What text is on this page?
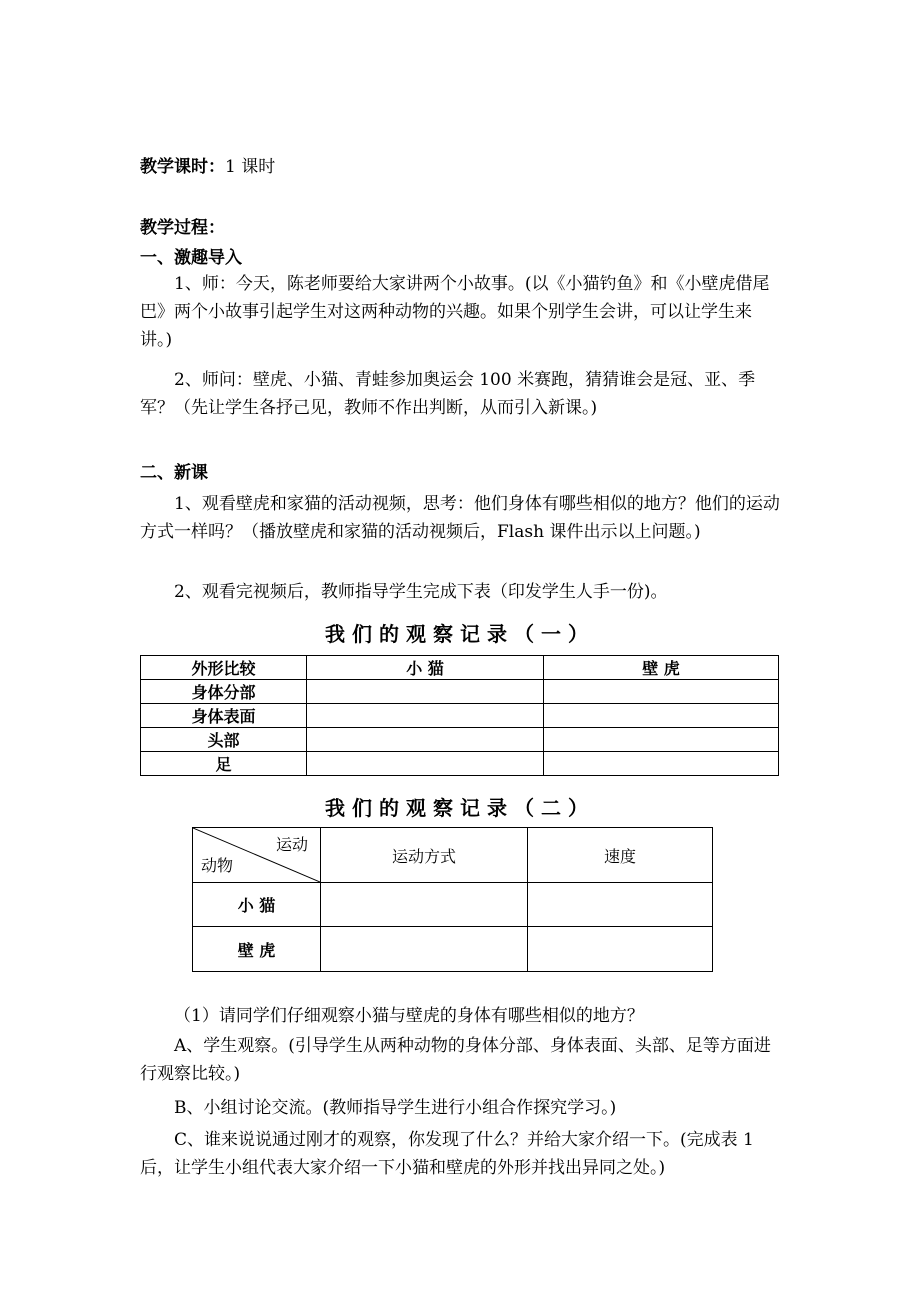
教学课时：1 课时
教学过程：
一、激趣导入
1、师：今天，陈老师要给大家讲两个小故事。(以《小猫钓鱼》和《小壁虎借尾巴》两个小故事引起学生对这两种动物的兴趣。如果个别学生会讲，可以让学生来讲。)
2、师问：壁虎、小猫、青蛙参加奥运会 100 米赛跑，猜猜谁会是冠、亚、季军？（先让学生各抒己见，教师不作出判断，从而引入新课。)
二、新课
1、观看壁虎和家猫的活动视频，思考：他们身体有哪些相似的地方？他们的运动方式一样吗？（播放壁虎和家猫的活动视频后，Flash 课件出示以上问题。)
2、观看完视频后，教师指导学生完成下表（印发学生人手一份)。
我们的观察记录（一）
外形比较	小 猫	壁 虎
身体分部		
身体表面		
头部		
足		
我们的观察记录（二）
运动
动物	运动方式	速度
小 猫		
壁 虎		
（1）请同学们仔细观察小猫与壁虎的身体有哪些相似的地方？
A、学生观察。(引导学生从两种动物的身体分部、身体表面、头部、足等方面进行观察比较。)
B、小组讨论交流。(教师指导学生进行小组合作探究学习。)
C、谁来说说通过刚才的观察，你发现了什么？并给大家介绍一下。(完成表 1 后，让学生小组代表大家介绍一下小猫和壁虎的外形并找出异同之处。)
